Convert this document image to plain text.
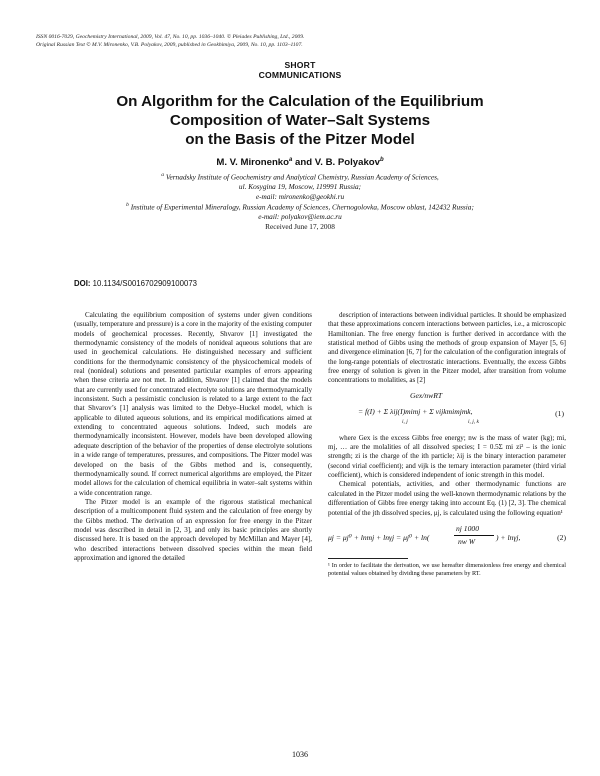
ISSN 0016-7029, Geochemistry International, 2009, Vol. 47, No. 10, pp. 1036–1040. © Pleiades Publishing, Ltd., 2009.
Original Russian Text © M.V. Mironenko, V.B. Polyakov, 2009, published in Geokhimiya, 2009, No. 10, pp. 1103–1107.
SHORT
COMMUNICATIONS
On Algorithm for the Calculation of the Equilibrium
Composition of Water–Salt Systems
on the Basis of the Pitzer Model
M. V. Mironenko$^a$ and V. B. Polyakov$^b$
$^a$ Vernadsky Institute of Geochemistry and Analytical Chemistry, Russian Academy of Sciences,
ul. Kosygina 19, Moscow, 119991 Russia;
e-mail: mironenko@geokhi.ru
$^b$ Institute of Experimental Mineralogy, Russian Academy of Sciences, Chernogolovka, Moscow oblast, 142432 Russia;
e-mail: polyakov@iem.ac.ru
Received June 17, 2008
DOI: 10.1134/S0016702909100073

Calculating the equilibrium composition of systems under given conditions (usually, temperature and pressure) is a core in the majority of the existing computer models of geochemical processes. Recently, Shvarov [1] investigated the thermodynamic consistency of the models of nonideal aqueous solutions that are used in geochemical calculations. He distinguished necessary and sufficient conditions for the thermodynamic consistency of the physicochemical models of real (nonideal) solutions and presented particular examples of errors appearing when these criteria are not met. In addition, Shvarov [1] claimed that the models that are currently used for concentrated electrolyte solutions are thermodynamically inconsistent. Such a pessimistic conclusion is related to a large extent to the fact that Shvarov’s [1] analysis was limited to the Debye–Huckel model, which is applicable to diluted aqueous solutions, and its empirical modifications aimed at extending to concentrated aqueous solutions. Indeed, such models are thermodynamically inconsistent. However, models have been developed allowing adequate description of the behavior of the properties of dense electrolyte solutions in a wide range of temperatures, pressures, and compositions. The Pitzer model was developed on the basis of the Gibbs method and is, consequently, thermodynamically sound. If correct numerical algorithms are employed, the Pitzer model allows for the calculation of chemical equilibria in water–salt systems within a wide concentration range.

The Pitzer model is an example of the rigorous statistical mechanical description of a multicomponent fluid system and the calculation of free energy by the Gibbs method. The derivation of an expression for free energy in the Pitzer model was described in detail in [2, 3], and only its basic principles are shortly discussed here. It is based on the approach developed by McMillan and Mayer [4], who described interactions between dissolved species within the mean field approximation and ignored the detailed

description of interactions between individual particles. It should be emphasized that these approximations concern interactions between particles, i.e., a microscopic Hamiltonian. The free energy function is further derived in accordance with the statistical method of Gibbs using the methods of group expansion of Mayer [5, 6] and divergence elimination [6, 7] for the calculation of the configuration integrals of the long-range potentials of electrostatic interactions. Eventually, the excess Gibbs free energy of solution is given in the Pitzer model, after transition from volume concentrations to molalities, as [2]

Gex/nwRT
= f(I) + Σ λij(I)mimj + Σ νijkmimjmk,
i, j	i, j, k
(1)

where Gex is the excess Gibbs free energy; nw is the mass of water (kg); mi, mj, … are the molalities of all dissolved species; I = 0.5Σ mi zi² – is the ionic strength; zi is the charge of the ith particle; λij is the binary interaction parameter (second virial coefficient); and νijk is the ternary interaction parameter (third virial coefficient), which is considered independent of ionic strength in this model.

Chemical potentials, activities, and other thermodynamic functions are calculated in the Pitzer model using the well-known thermodynamic relations by the differentiation of Gibbs free energy taking into account Eq. (1) [2, 3]. The chemical potential of the jth dissolved species, μj, is calculated using the following equation¹

μj = μj⁰ + lnmj + lnγj = μj⁰ + ln(
nj 1000
nw W	) + lnγj,	(2)

¹ In order to facilitate the derivation, we use hereafter dimensionless free energy and chemical potential values obtained by dividing these parameters by RT.

1036
